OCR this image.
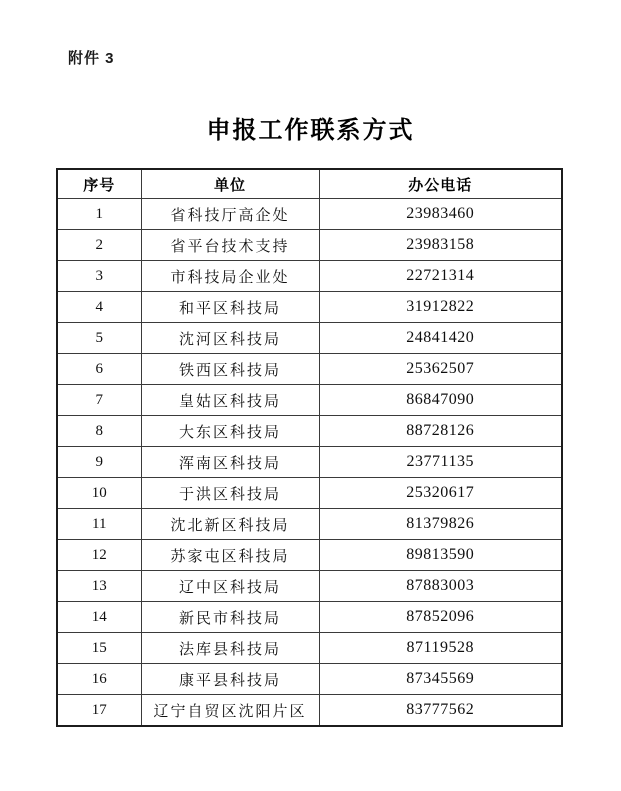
附件 3
申报工作联系方式
序号	单位	办公电话
1	省科技厅高企处	23983460
2	省平台技术支持	23983158
3	市科技局企业处	22721314
4	和平区科技局	31912822
5	沈河区科技局	24841420
6	铁西区科技局	25362507
7	皇姑区科技局	86847090
8	大东区科技局	88728126
9	浑南区科技局	23771135
10	于洪区科技局	25320617
11	沈北新区科技局	81379826
12	苏家屯区科技局	89813590
13	辽中区科技局	87883003
14	新民市科技局	87852096
15	法库县科技局	87119528
16	康平县科技局	87345569
17	辽宁自贸区沈阳片区	83777562
